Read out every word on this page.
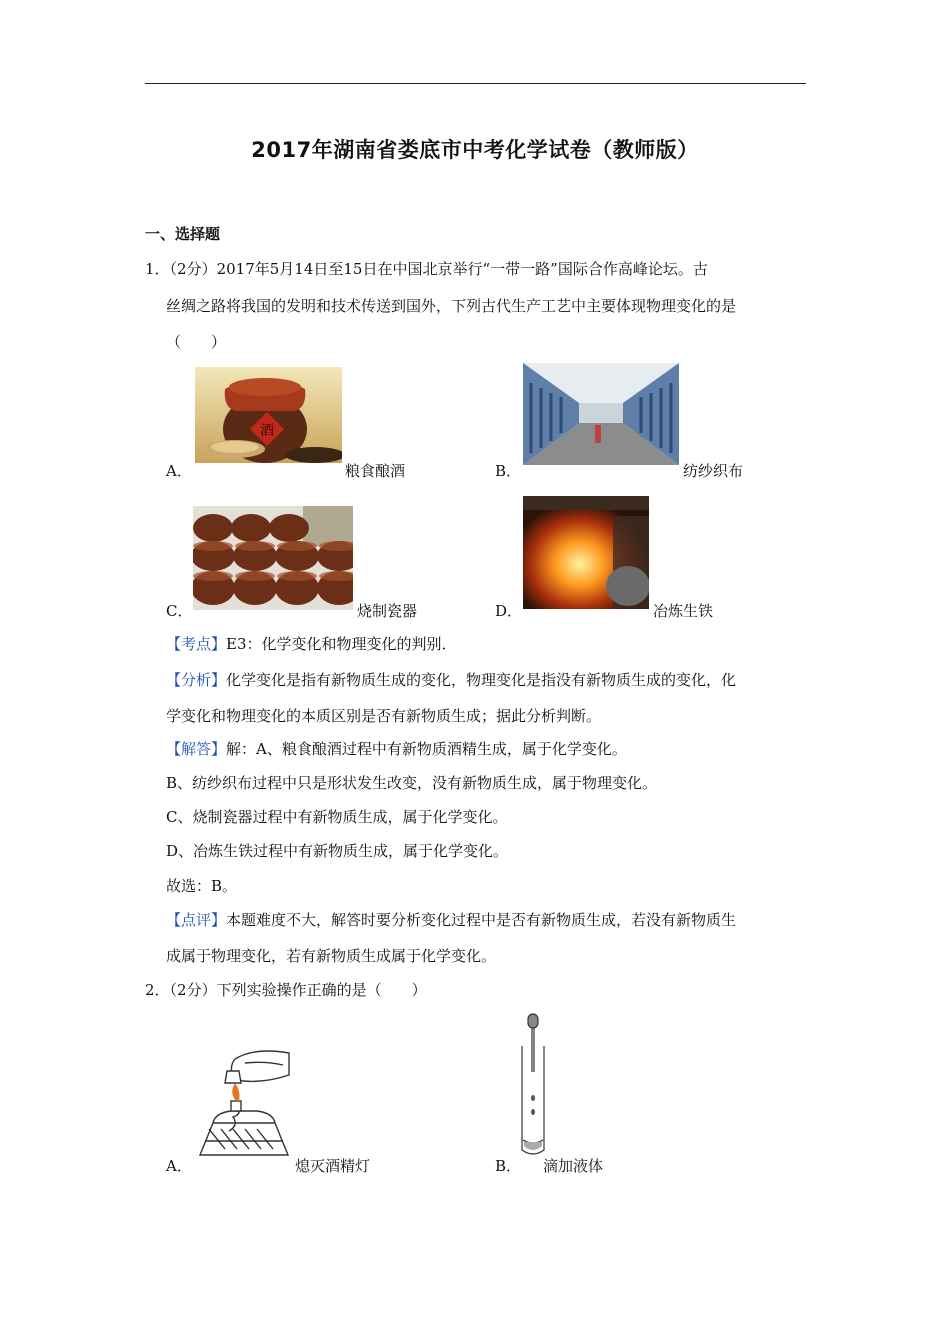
2017年湖南省娄底市中考化学试卷（教师版）
一、选择题
1．（2分）2017年5月14日至15日在中国北京举行“一带一路”国际合作高峰论坛。古
丝绸之路将我国的发明和技术传送到国外，下列古代生产工艺中主要体现物理变化的是
（　　）
酒
A．	粮食酿酒	B．	纺纱织布
C．	烧制瓷器	D．	冶炼生铁
【考点】E3：化学变化和物理变化的判别．
【分析】化学变化是指有新物质生成的变化，物理变化是指没有新物质生成的变化，化
学变化和物理变化的本质区别是否有新物质生成；据此分析判断。
【解答】解：A、粮食酿酒过程中有新物质酒精生成，属于化学变化。
B、纺纱织布过程中只是形状发生改变，没有新物质生成，属于物理变化。
C、烧制瓷器过程中有新物质生成，属于化学变化。
D、冶炼生铁过程中有新物质生成，属于化学变化。
故选：B。
【点评】本题难度不大，解答时要分析变化过程中是否有新物质生成，若没有新物质生
成属于物理变化，若有新物质生成属于化学变化。
2．（2分）下列实验操作正确的是（　　）
A．	熄灭酒精灯	B． 滴加液体
